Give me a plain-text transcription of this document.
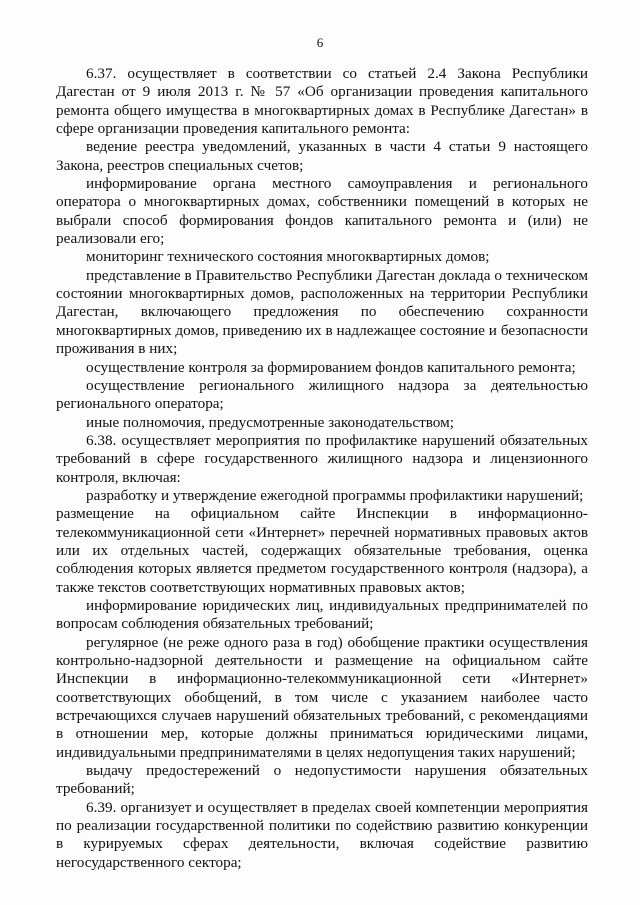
6

6.37. осуществляет в соответствии со статьей 2.4 Закона Республики Дагестан от 9 июля 2013 г. № 57 «Об организации проведения капитального ремонта общего имущества в многоквартирных домах в Республике Дагестан» в сфере организации проведения капитального ремонта:

ведение реестра уведомлений, указанных в части 4 статьи 9 настоящего Закона, реестров специальных счетов;

информирование органа местного самоуправления и регионального оператора о многоквартирных домах, собственники помещений в которых не выбрали способ формирования фондов капитального ремонта и (или) не реализовали его;

мониторинг технического состояния многоквартирных домов;

представление в Правительство Республики Дагестан доклада о техническом состоянии многоквартирных домов, расположенных на территории Республики Дагестан, включающего предложения по обеспечению сохранности многоквартирных домов, приведению их в надлежащее состояние и безопасности проживания в них;

осуществление контроля за формированием фондов капитального ремонта;

осуществление регионального жилищного надзора за деятельностью регионального оператора;

иные полномочия, предусмотренные законодательством;

6.38. осуществляет мероприятия по профилактике нарушений обязательных требований в сфере государственного жилищного надзора и лицензионного контроля, включая:

разработку и утверждение ежегодной программы профилактики нарушений;

размещение на официальном сайте Инспекции в информационно-телекоммуникационной сети «Интернет» перечней нормативных правовых актов или их отдельных частей, содержащих обязательные требования, оценка соблюдения которых является предметом государственного контроля (надзора), а также текстов соответствующих нормативных правовых актов;

информирование юридических лиц, индивидуальных предпринимателей по вопросам соблюдения обязательных требований;

регулярное (не реже одного раза в год) обобщение практики осуществления контрольно-надзорной деятельности и размещение на официальном сайте Инспекции в информационно-телекоммуникационной сети «Интернет» соответствующих обобщений, в том числе с указанием наиболее часто встречающихся случаев нарушений обязательных требований, с рекомендациями в отношении мер, которые должны приниматься юридическими лицами, индивидуальными предпринимателями в целях недопущения таких нарушений;

выдачу предостережений о недопустимости нарушения обязательных требований;

6.39. организует и осуществляет в пределах своей компетенции мероприятия по реализации государственной политики по содействию развитию конкуренции в курируемых сферах деятельности, включая содействие развитию негосударственного сектора;
